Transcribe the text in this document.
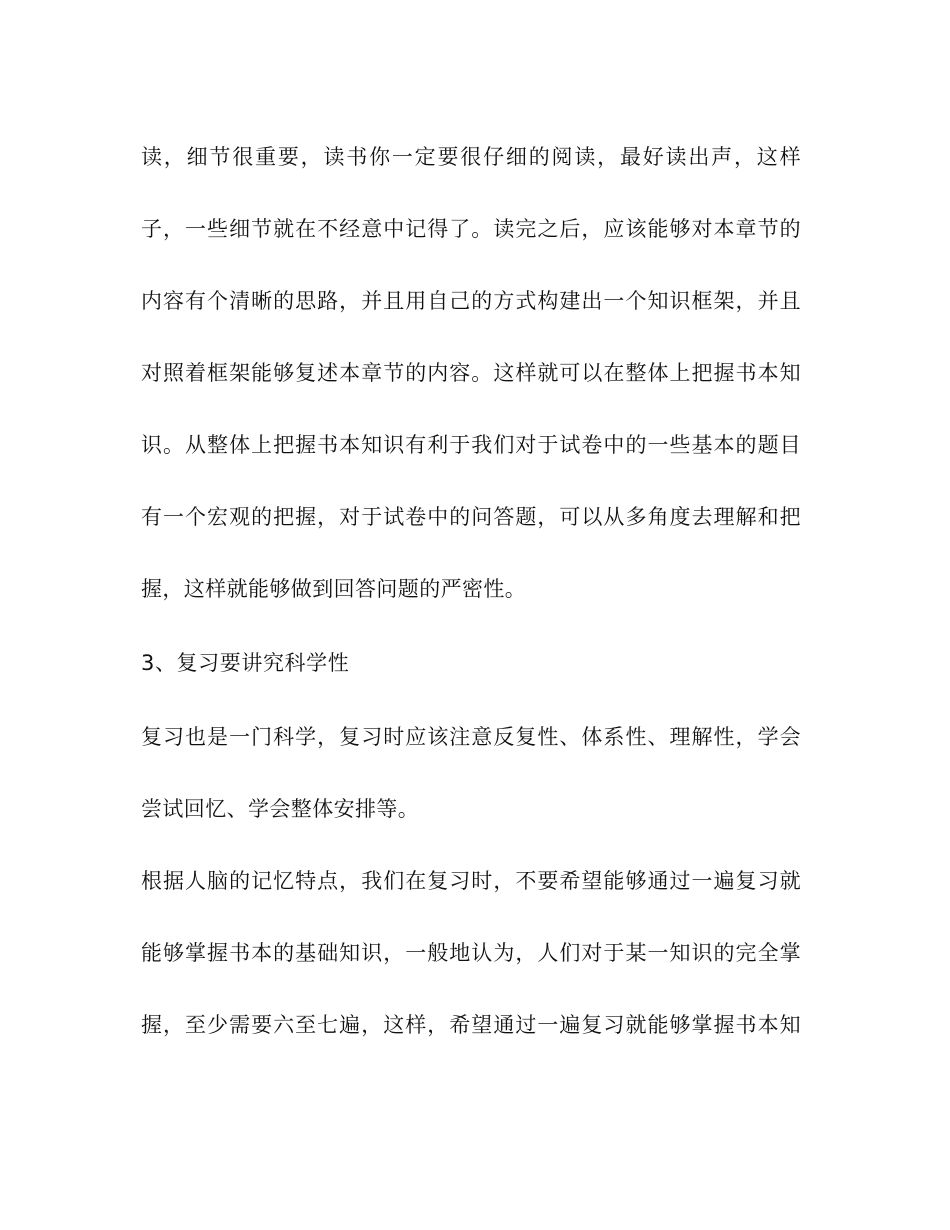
读，细节很重要，读书你一定要很仔细的阅读，最好读出声，这样
子，一些细节就在不经意中记得了。读完之后，应该能够对本章节的
内容有个清晰的思路，并且用自己的方式构建出一个知识框架，并且
对照着框架能够复述本章节的内容。这样就可以在整体上把握书本知
识。从整体上把握书本知识有利于我们对于试卷中的一些基本的题目
有一个宏观的把握，对于试卷中的问答题，可以从多角度去理解和把
握，这样就能够做到回答问题的严密性。
3、复习要讲究科学性
复习也是一门科学，复习时应该注意反复性、体系性、理解性，学会
尝试回忆、学会整体安排等。
根据人脑的记忆特点，我们在复习时，不要希望能够通过一遍复习就
能够掌握书本的基础知识，一般地认为，人们对于某一知识的完全掌
握，至少需要六至七遍，这样，希望通过一遍复习就能够掌握书本知
